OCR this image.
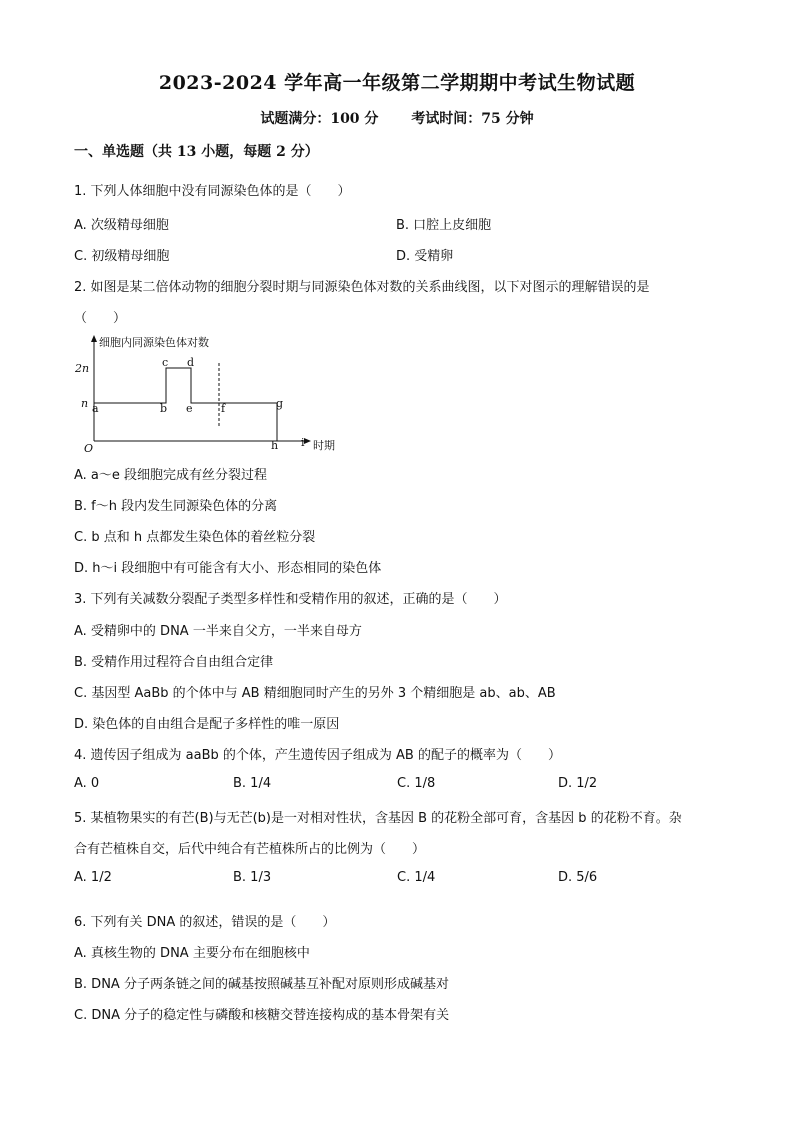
2023-2024 学年高一年级第二学期期中考试生物试题
试题满分：100 分 考试时间：75 分钟
一、单选题（共 13 小题，每题 2 分）
1. 下列人体细胞中没有同源染色体的是（　　）
A. 次级精母细胞	B. 口腔上皮细胞
C. 初级精母细胞	D. 受精卵
2. 如图是某二倍体动物的细胞分裂时期与同源染色体对数的关系曲线图，以下对图示的理解错误的是
（　　）
细胞内同源染色体对数
2n
n
O
a	b
c d
e	f	g
h i 时期
A. a～e 段细胞完成有丝分裂过程
B. f～h 段内发生同源染色体的分离
C. b 点和 h 点都发生染色体的着丝粒分裂
D. h～i 段细胞中有可能含有大小、形态相同的染色体
3. 下列有关减数分裂配子类型多样性和受精作用的叙述，正确的是（　　）
A. 受精卵中的 DNA 一半来自父方，一半来自母方
B. 受精作用过程符合自由组合定律
C. 基因型 AaBb 的个体中与 AB 精细胞同时产生的另外 3 个精细胞是 ab、ab、AB
D. 染色体的自由组合是配子多样性的唯一原因
4. 遗传因子组成为 aaBb 的个体，产生遗传因子组成为 AB 的配子的概率为（　　）
A. 0	B. 1/4	C. 1/8	D. 1/2
5. 某植物果实的有芒(B)与无芒(b)是一对相对性状，含基因 B 的花粉全部可育，含基因 b 的花粉不育。杂
合有芒植株自交，后代中纯合有芒植株所占的比例为（　　）
A. 1/2	B. 1/3	C. 1/4	D. 5/6
6. 下列有关 DNA 的叙述，错误的是（　　）
A. 真核生物的 DNA 主要分布在细胞核中
B. DNA 分子两条链之间的碱基按照碱基互补配对原则形成碱基对
C. DNA 分子的稳定性与磷酸和核糖交替连接构成的基本骨架有关
